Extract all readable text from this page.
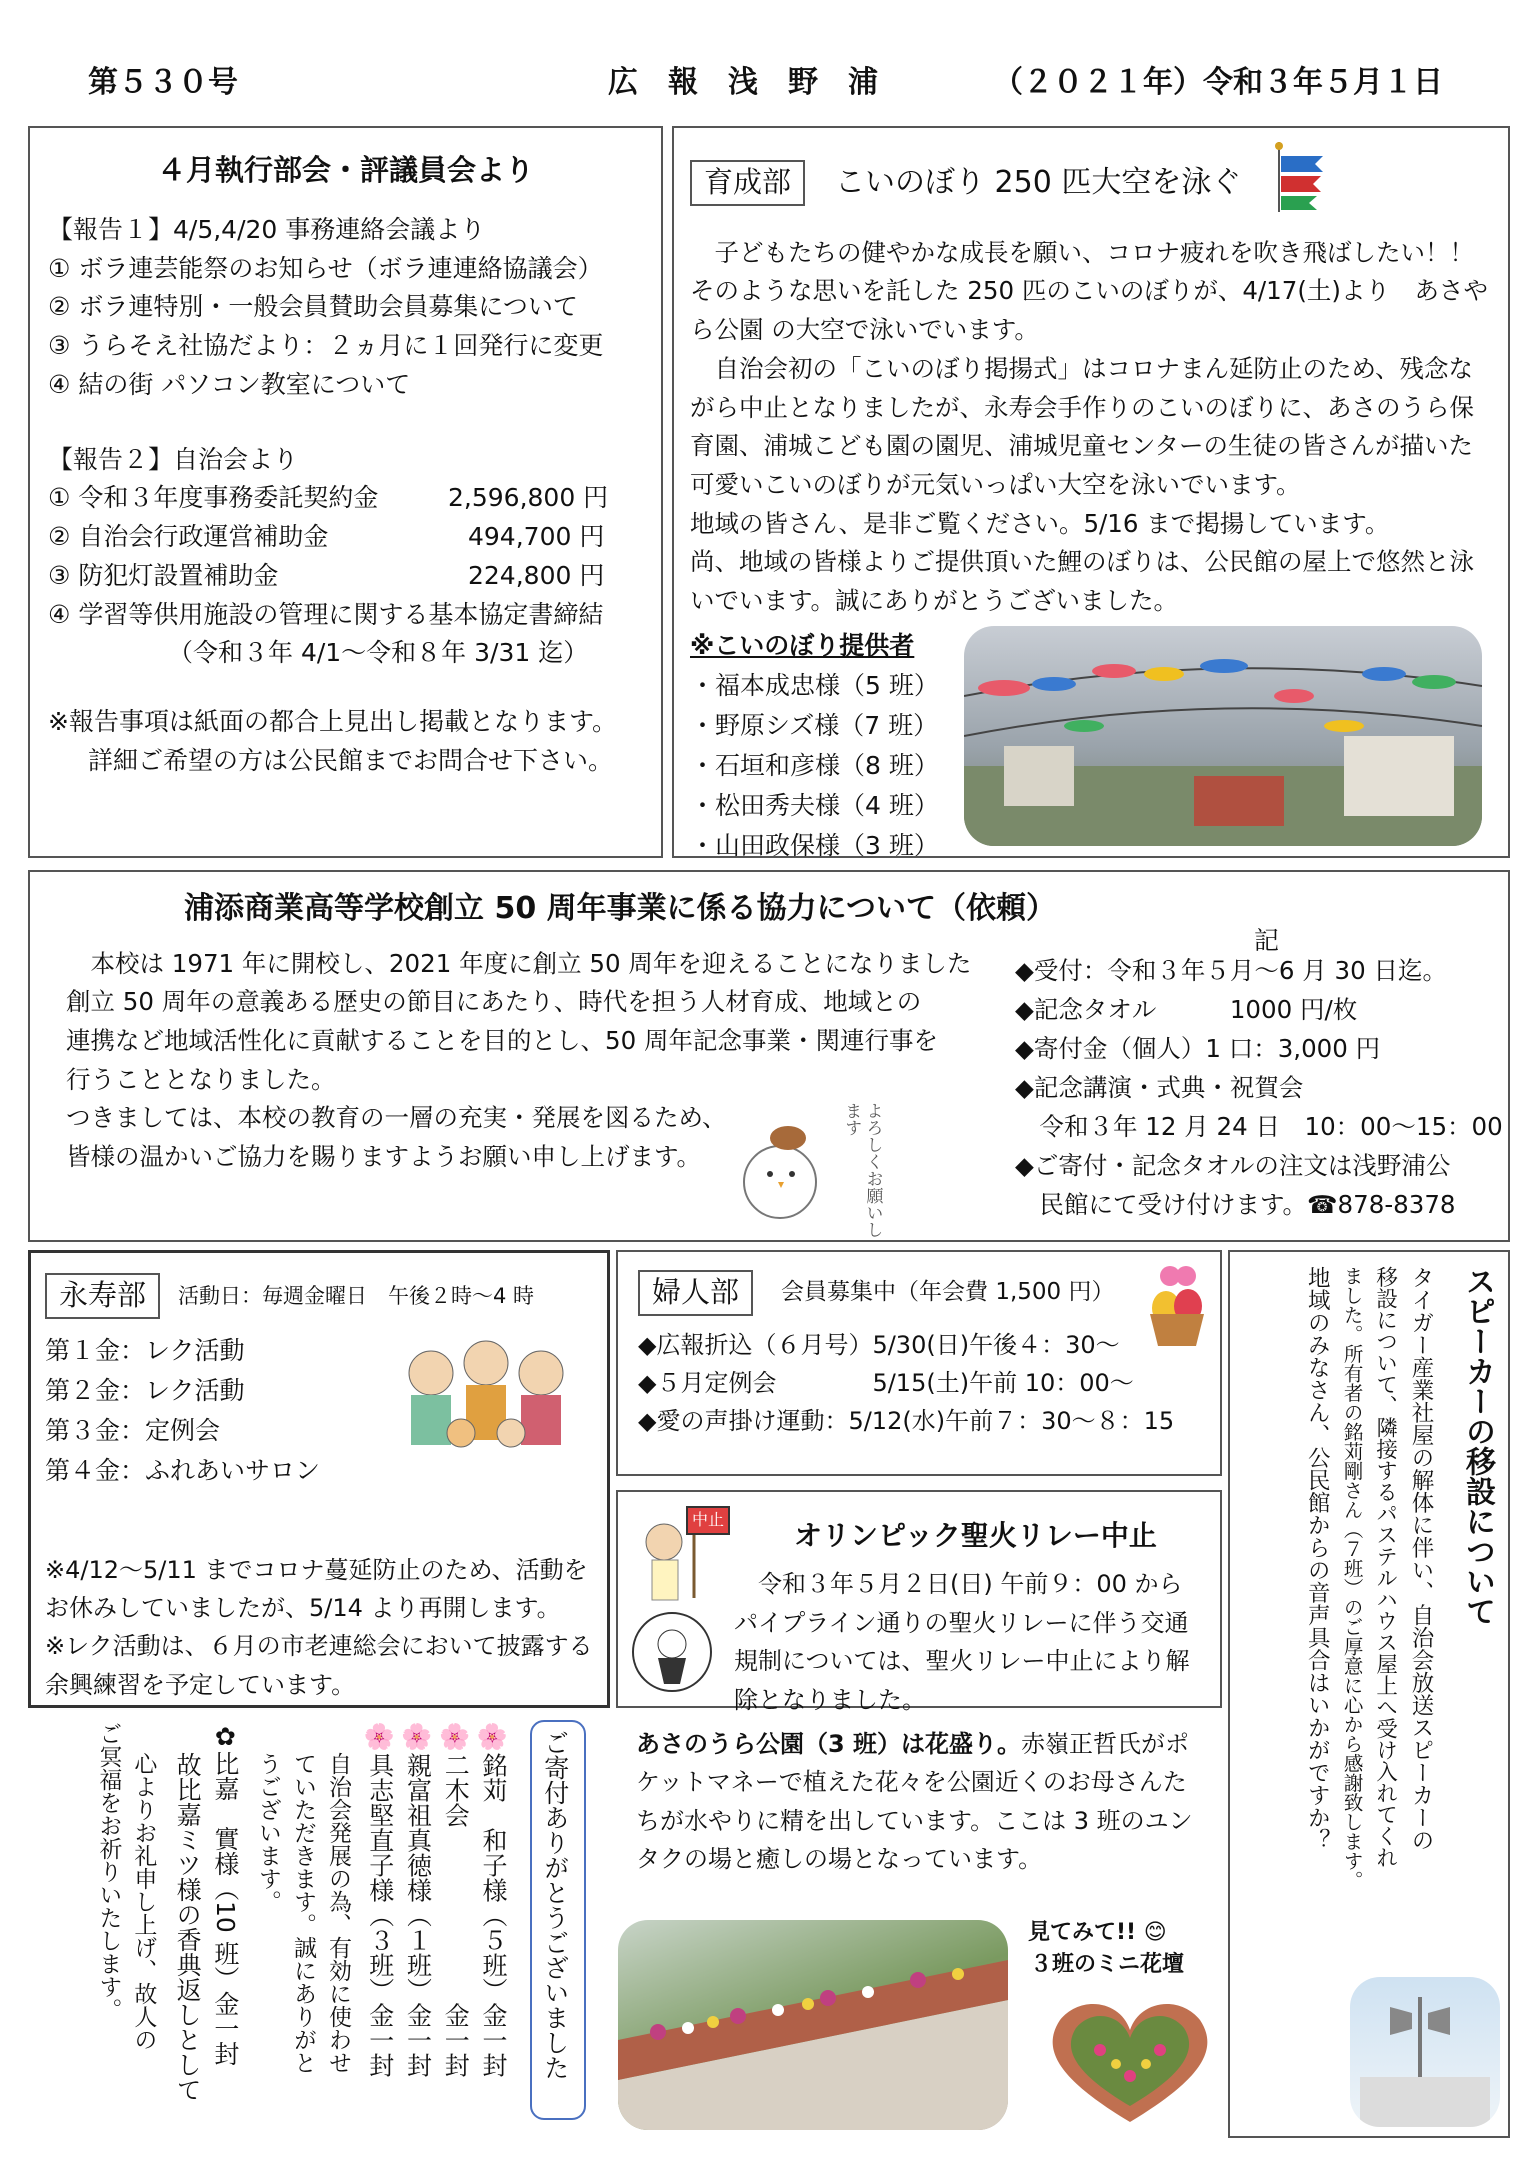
第５３０号	広　報　浅　野　浦	（２０２１年）令和３年５月１日
４月執行部会・評議員会より
【報告１】4/5,4/20 事務連絡会議より
① ボラ連芸能祭のお知らせ（ボラ連連絡協議会）
② ボラ連特別・一般会員賛助会員募集について
③ うらそえ社協だより：２ヵ月に１回発行に変更
④ 結の街 パソコン教室について
【報告２】自治会より
① 令和３年度事務委託契約金	2,596,800 円
② 自治会行政運営補助金	494,700 円
③ 防犯灯設置補助金	224,800 円
④ 学習等供用施設の管理に関する基本協定書締結
（令和３年 4/1～令和８年 3/31 迄）
※報告事項は紙面の都合上見出し掲載となります。
詳細ご希望の方は公民館までお問合せ下さい。
育成部	こいのぼり 250 匹大空を泳ぐ

子どもたちの健やかな成長を願い、コロナ疲れを吹き飛ばしたい！！　そのような思いを託した 250 匹のこいのぼりが、4/17(土)より　あさやら公園 の大空で泳いでいます。

自治会初の「こいのぼり掲揚式」はコロナまん延防止のため、残念ながら中止となりましたが、永寿会手作りのこいのぼりに、あさのうら保育園、浦城こども園の園児、浦城児童センターの生徒の皆さんが描いた可愛いこいのぼりが元気いっぱい大空を泳いでいます。

地域の皆さん、是非ご覧ください。5/16 まで掲揚しています。

尚、地域の皆様よりご提供頂いた鯉のぼりは、公民館の屋上で悠然と泳いでいます。誠にありがとうございました。

※こいのぼり提供者
・福本成忠様（5 班）
・野原シズ様（7 班）
・石垣和彦様（8 班）
・松田秀夫様（4 班）
・山田政保様（3 班）
浦添商業高等学校創立 50 周年事業に係る協力について（依頼）
記

本校は 1971 年に開校し、2021 年度に創立 50 周年を迎えることになりました

創立 50 周年の意義ある歴史の節目にあたり、時代を担う人材育成、地域との

連携など地域活性化に貢献することを目的とし、50 周年記念事業・関連行事を

行うこととなりました。

つきましては、本校の教育の一層の充実・発展を図るため、

皆様の温かいご協力を賜りますようお願い申し上げます。	よろしくお願いします
◆受付：令和３年５月～6 月 30 日迄。
◆記念タオル　　　1000 円/枚
◆寄付金（個人）1 口：3,000 円
◆記念講演・式典・祝賀会
　令和３年 12 月 24 日　10：00～15：00
◆ご寄付・記念タオルの注文は浅野浦公
　民館にて受け付けます。☎878-8378
永寿部	活動日：毎週金曜日　午後２時～4 時
第１金：レク活動
第２金：レク活動
第３金：定例会
第４金：ふれあいサロン

※4/12～5/11 までコロナ蔓延防止のため、活動をお休みしていましたが、5/14 より再開します。

※レク活動は、６月の市老連総会において披露する余興練習を予定しています。

婦人部	会員募集中（年会費 1,500 円）
◆広報折込（６月号）5/30(日)午後４：30～
◆５月定例会　　　　5/15(土)午前 10：00～
◆愛の声掛け運動：5/12(水)午前７：30～８：15
中止	オリンピック聖火リレー中止

令和３年５月２日(日) 午前９：00 からパイプライン通りの聖火リレーに伴う交通規制については、聖火リレー中止により解除となりました。

あさのうら公園（3 班）は花盛り。赤嶺正哲氏がポケットマネーで植えた花々を公園近くのお母さんたちが水やりに精を出しています。ここは 3 班のユンタクの場と癒しの場となっています。

見てみて!! 😊
３班のミニ花壇
スピーカーの移設について
タイガー産業社屋の解体に伴い、自治会放送スピーカーの
移設について、隣接するパステルハウス屋上へ受け入れてくれ
ました。所有者の銘苅剛さん（７班）のご厚意に心から感謝致します。
地域のみなさん、公民館からの音声具合はいかがですか？
ご寄付ありがとうございました
🌸銘苅　和子様（５班）金一封
🌸二木会　　　　　　　金一封
🌸親富祖真徳様（１班）金一封
🌸具志堅直子様（３班）金一封
自治会発展の為、有効に使わせ
ていただきます。誠にありがと
うございます。
✿比嘉　實様（10 班）金一封
故比嘉ミツ様の香典返しとして
心よりお礼申し上げ、故人の
ご冥福をお祈りいたします。
